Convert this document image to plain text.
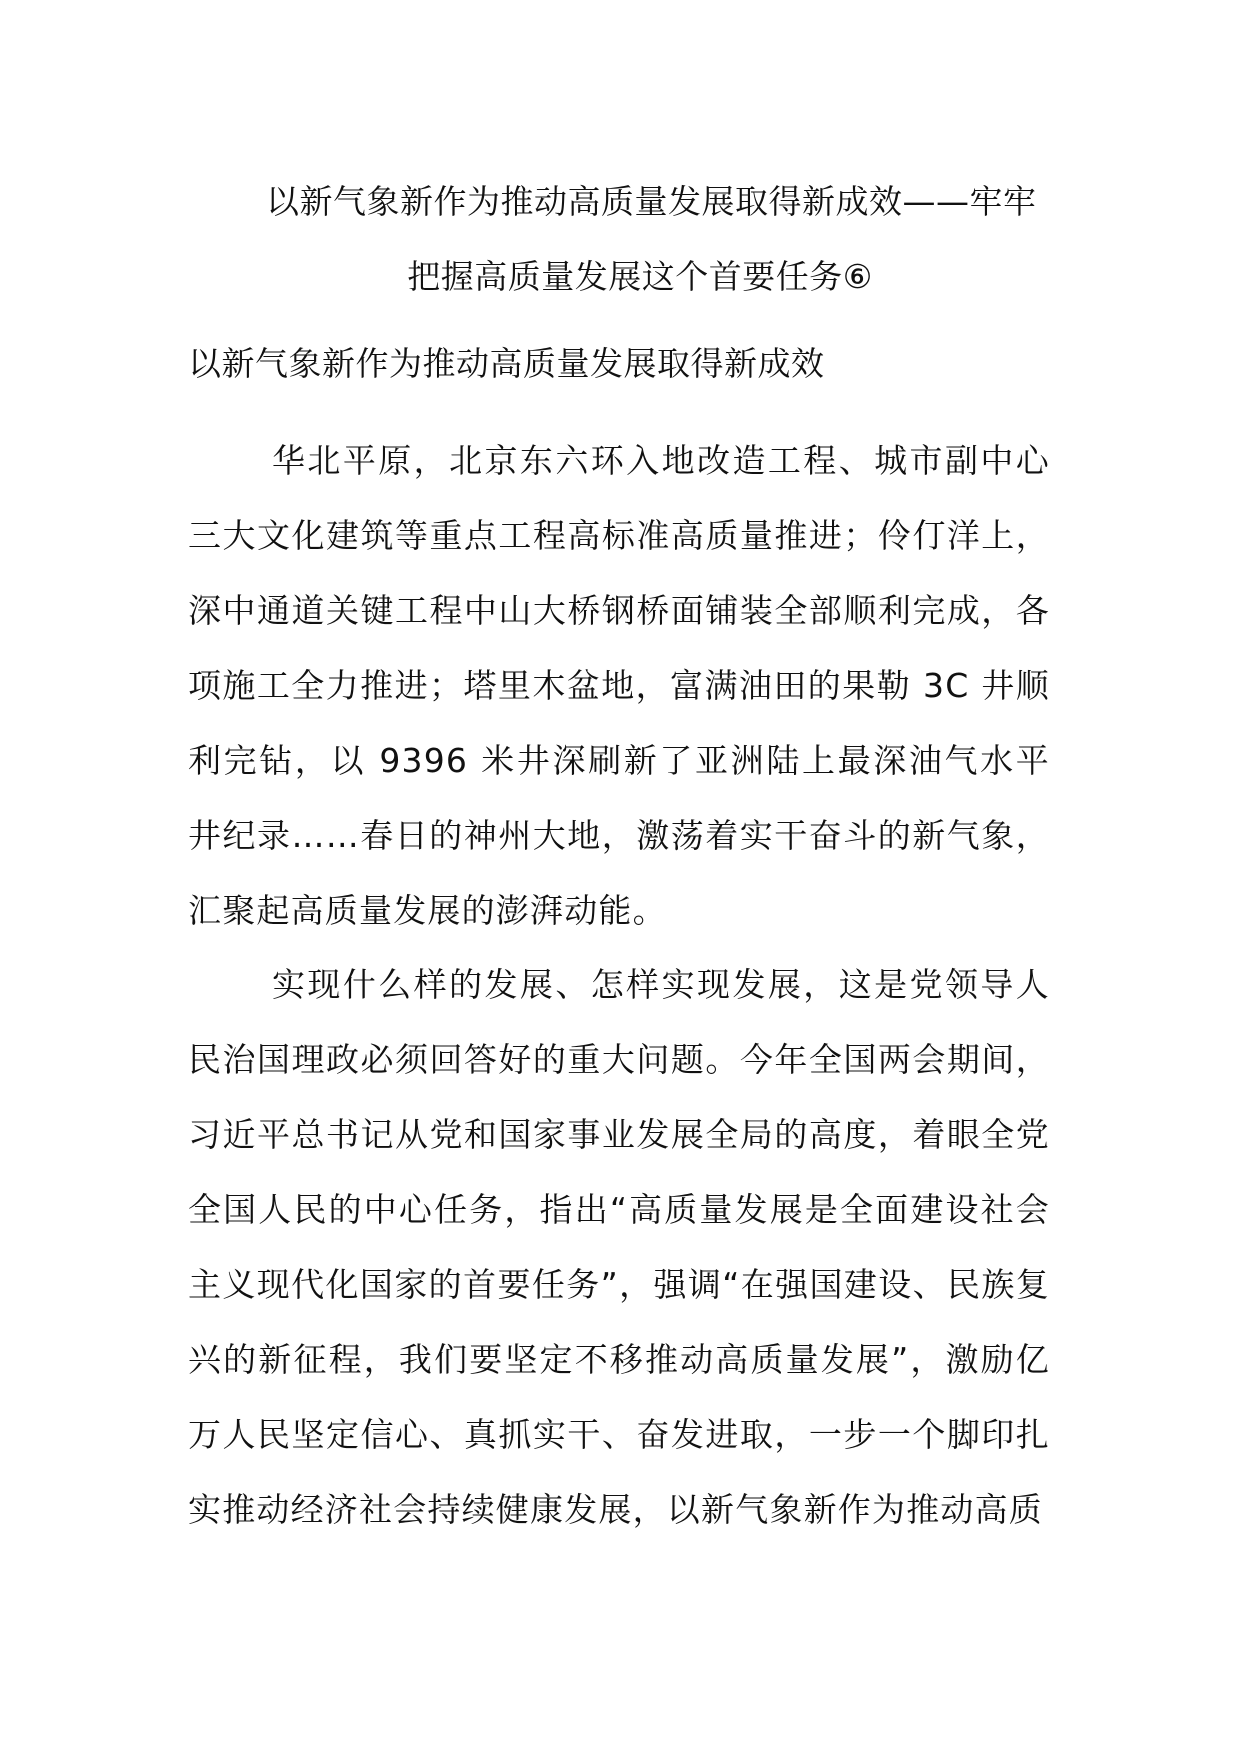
以新气象新作为推动高质量发展取得新成效——牢牢
把握高质量发展这个首要任务⑥
以新气象新作为推动高质量发展取得新成效

华北平原，北京东六环入地改造工程、城市副中心三大文化建筑等重点工程高标准高质量推进；伶仃洋上，深中通道关键工程中山大桥钢桥面铺装全部顺利完成，各项施工全力推进；塔里木盆地，富满油田的果勒 3C 井顺利完钻，以 9396 米井深刷新了亚洲陆上最深油气水平井纪录……春日的神州大地，激荡着实干奋斗的新气象，汇聚起高质量发展的澎湃动能。

实现什么样的发展、怎样实现发展，这是党领导人民治国理政必须回答好的重大问题。今年全国两会期间，习近平总书记从党和国家事业发展全局的高度，着眼全党全国人民的中心任务，指出“高质量发展是全面建设社会主义现代化国家的首要任务”，强调“在强国建设、民族复兴的新征程，我们要坚定不移推动高质量发展”，激励亿万人民坚定信心、真抓实干、奋发进取，一步一个脚印扎实推动经济社会持续健康发展，以新气象新作为推动高质
